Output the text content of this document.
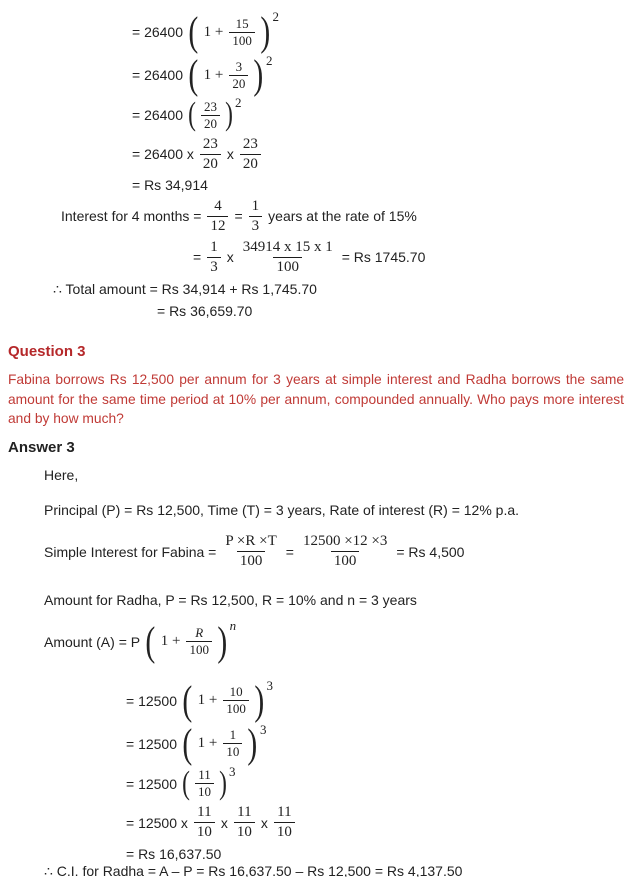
= 26400 ( $1 + \frac{15}{100}$ ) 2
= 26400 ( $1 + \frac{3}{20}$ ) 2
= 26400 ( $\frac{23}{20}$ ) 2
= 26400 x $\frac{23}{20}$ x $\frac{23}{20}$
= Rs 34,914
Interest for 4 months = $\frac{4}{12} = \frac{1}{3}$ years at the rate of 15%
= $\frac{1}{3}$ x $\frac{34914 x 15 x 1}{100} = Rs$ 1745.70
∴ Total amount = Rs 34,914 + Rs 1,745.70
= Rs 36,659.70
Question 3
Fabina borrows Rs 12,500 per annum for 3 years at simple interest and Radha borrows the same amount for the same time period at 10% per annum, compounded annually. Who pays more interest and by how much?
Answer 3
Here,
Principal (P) = Rs 12,500, Time (T) = 3 years, Rate of interest (R) = 12% p.a.
Simple Interest for Fabina = $\frac{P \times R \times T}{100} = \frac{12500 \times 12 \times 3}{100} = Rs$ 4,500
Amount for Radha, P = Rs 12,500, R = 10% and n = 3 years
Amount (A) = P ( $1 + \frac{R}{100}$ ) n
= 12500 ( $1 + \frac{10}{100}$ ) 3
= 12500 ( $1 + \frac{1}{10}$ ) 3
= 12500 ( $\frac{11}{10}$ ) 3
= 12500 x $\frac{11}{10}$ x $\frac{11}{10}$ x $\frac{11}{10}$
= Rs 16,637.50
∴ C.I. for Radha = A – P = Rs 16,637.50 – Rs 12,500 = Rs 4,137.50
